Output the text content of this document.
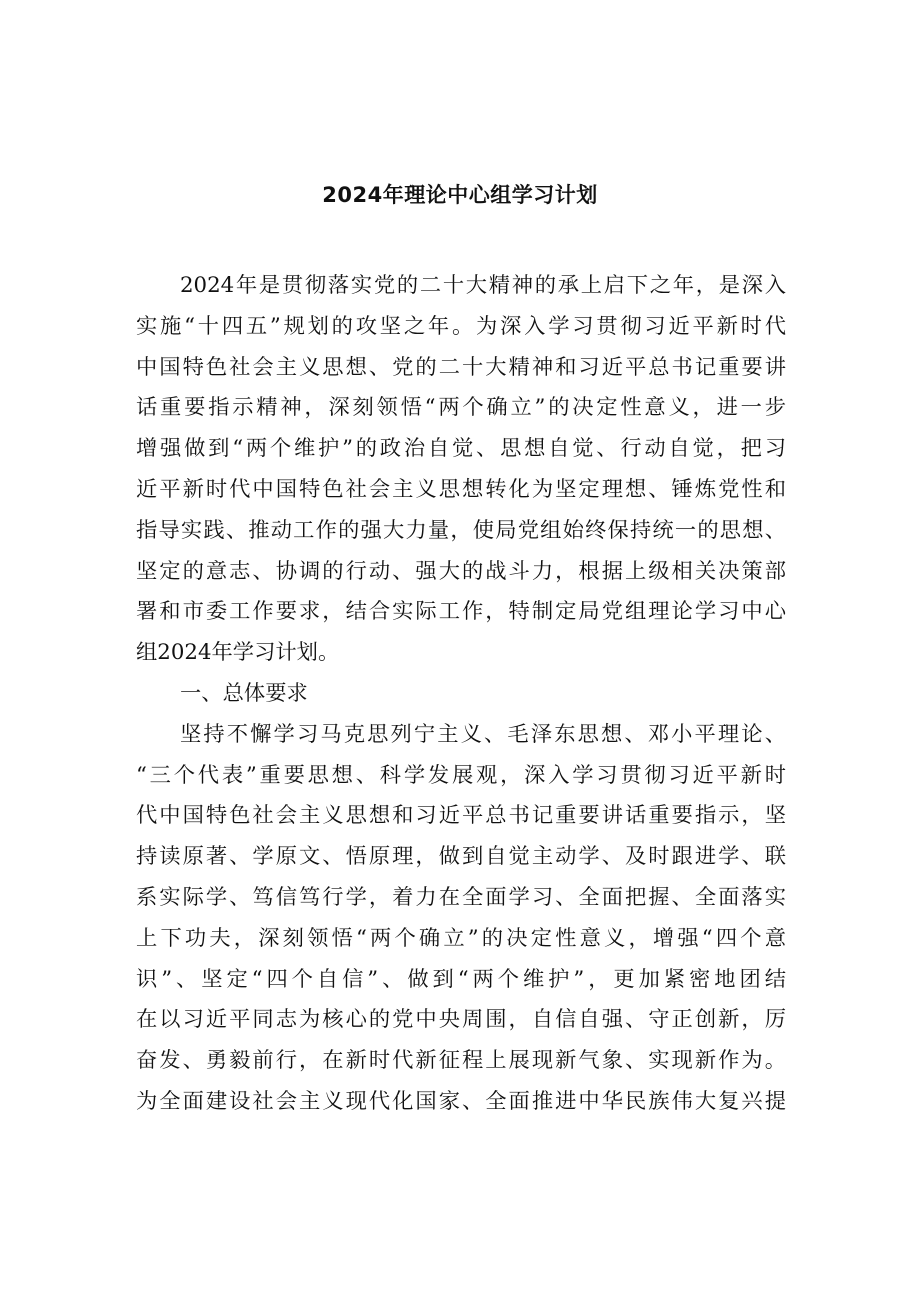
2024年理论中心组学习计划
2024年是贯彻落实党的二十大精神的承上启下之年，是深入
实施“十四五”规划的攻坚之年。为深入学习贯彻习近平新时代
中国特色社会主义思想、党的二十大精神和习近平总书记重要讲
话重要指示精神，深刻领悟“两个确立”的决定性意义，进一步
增强做到“两个维护”的政治自觉、思想自觉、行动自觉，把习
近平新时代中国特色社会主义思想转化为坚定理想、锤炼党性和
指导实践、推动工作的强大力量，使局党组始终保持统一的思想、
坚定的意志、协调的行动、强大的战斗力，根据上级相关决策部
署和市委工作要求，结合实际工作，特制定局党组理论学习中心
组2024年学习计划。
一、总体要求
坚持不懈学习马克思列宁主义、毛泽东思想、邓小平理论、
“三个代表”重要思想、科学发展观，深入学习贯彻习近平新时
代中国特色社会主义思想和习近平总书记重要讲话重要指示，坚
持读原著、学原文、悟原理，做到自觉主动学、及时跟进学、联
系实际学、笃信笃行学，着力在全面学习、全面把握、全面落实
上下功夫，深刻领悟“两个确立”的决定性意义，增强“四个意
识”、坚定“四个自信”、做到“两个维护”，更加紧密地团结
在以习近平同志为核心的党中央周围，自信自强、守正创新，厉
奋发、勇毅前行，在新时代新征程上展现新气象、实现新作为。
为全面建设社会主义现代化国家、全面推进中华民族伟大复兴提
